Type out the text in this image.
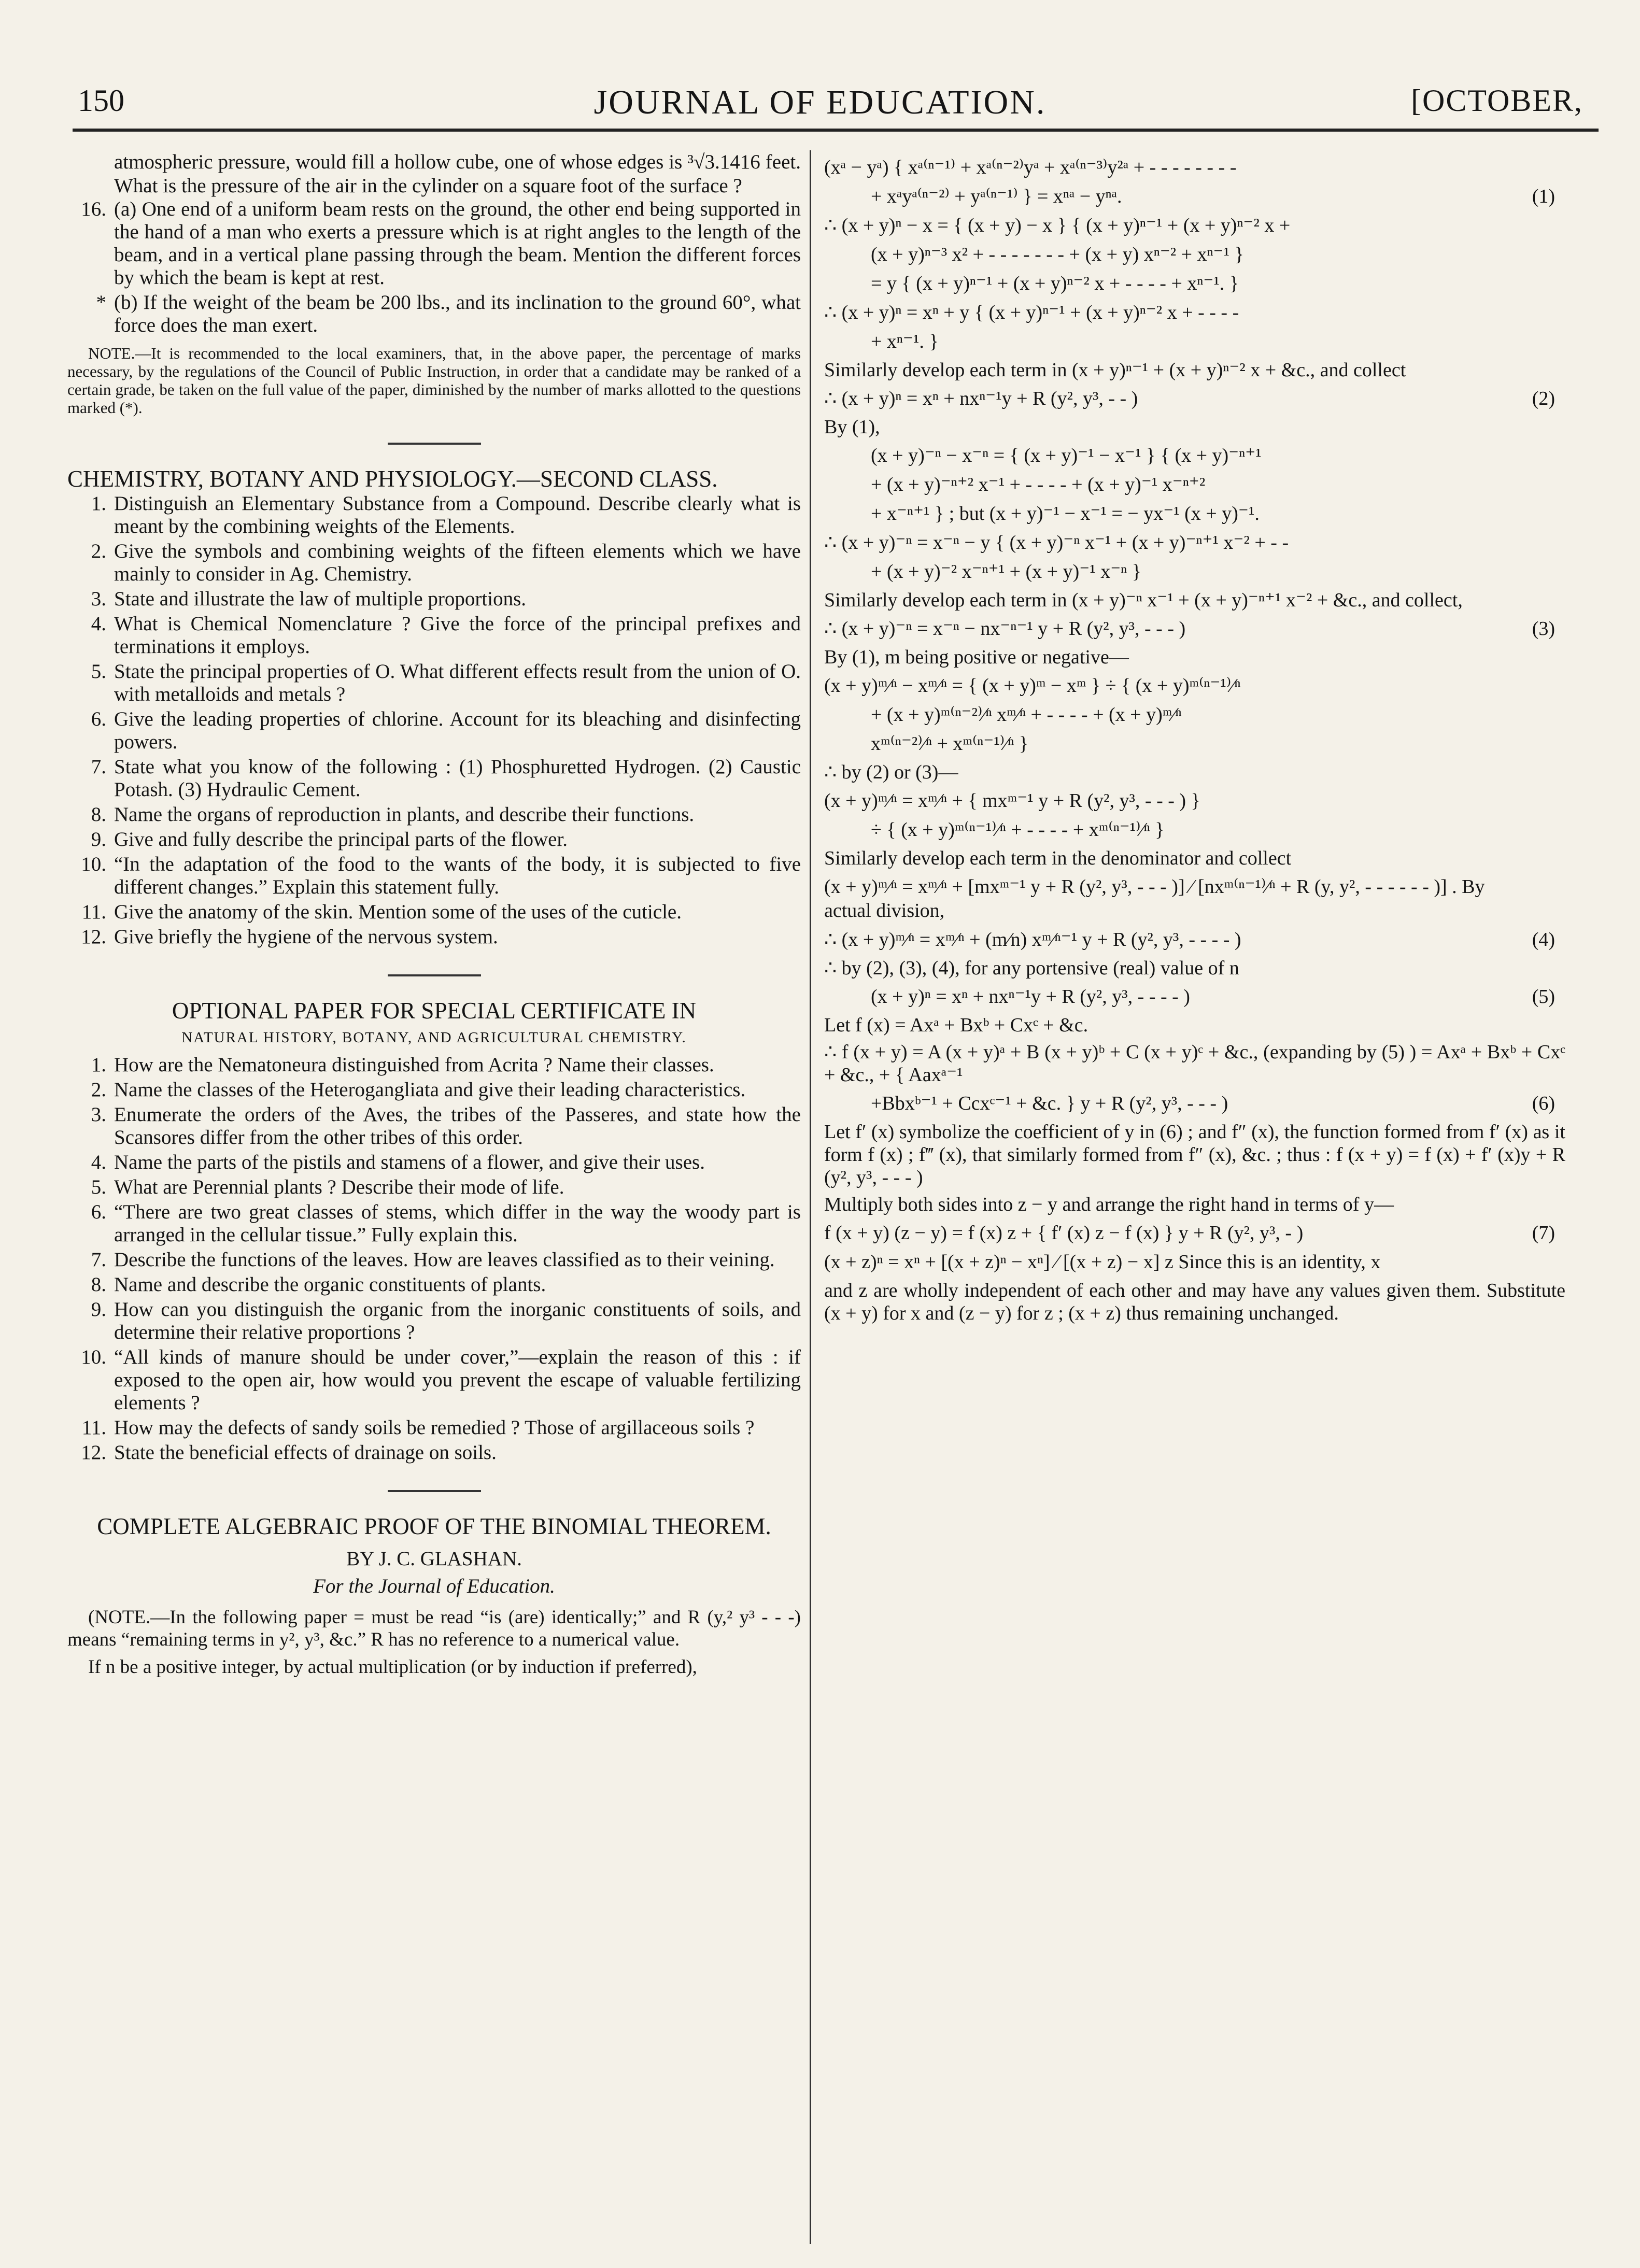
150	JOURNAL OF EDUCATION.	[OCTOBER,

atmospheric pressure, would fill a hollow cube, one of whose edges is ³√3.1416 feet. What is the pressure of the air in the cylinder on a square foot of the surface ?

16. (a) One end of a uniform beam rests on the ground, the other end being supported in the hand of a man who exerts a pressure which is at right angles to the length of the beam, and in a vertical plane passing through the beam. Mention the different forces by which the beam is kept at rest.
* (b) If the weight of the beam be 200 lbs., and its inclination to the ground 60°, what force does the man exert.

NOTE.—It is recommended to the local examiners, that, in the above paper, the percentage of marks necessary, by the regulations of the Council of Public Instruction, in order that a candidate may be ranked of a certain grade, be taken on the full value of the paper, diminished by the number of marks allotted to the questions marked (*).

CHEMISTRY, BOTANY AND PHYSIOLOGY.—SECOND CLASS.

1. Distinguish an Elementary Substance from a Compound. Describe clearly what is meant by the combining weights of the Elements.
2. Give the symbols and combining weights of the fifteen elements which we have mainly to consider in Ag. Chemistry.
3. State and illustrate the law of multiple proportions.
4. What is Chemical Nomenclature ? Give the force of the principal prefixes and terminations it employs.
5. State the principal properties of O. What different effects result from the union of O. with metalloids and metals ?
6. Give the leading properties of chlorine. Account for its bleaching and disinfecting powers.
7. State what you know of the following : (1) Phosphuretted Hydrogen. (2) Caustic Potash. (3) Hydraulic Cement.
8. Name the organs of reproduction in plants, and describe their functions.
9. Give and fully describe the principal parts of the flower.
10. “In the adaptation of the food to the wants of the body, it is subjected to five different changes.” Explain this statement fully.
11. Give the anatomy of the skin. Mention some of the uses of the cuticle.
12. Give briefly the hygiene of the nervous system.

OPTIONAL PAPER FOR SPECIAL CERTIFICATE IN

NATURAL HISTORY, BOTANY, AND AGRICULTURAL CHEMISTRY.

1. How are the Nematoneura distinguished from Acrita ? Name their classes.
2. Name the classes of the Heterogangliata and give their leading characteristics.
3. Enumerate the orders of the Aves, the tribes of the Passeres, and state how the Scansores differ from the other tribes of this order.
4. Name the parts of the pistils and stamens of a flower, and give their uses.
5. What are Perennial plants ? Describe their mode of life.
6. “There are two great classes of stems, which differ in the way the woody part is arranged in the cellular tissue.” Fully explain this.
7. Describe the functions of the leaves. How are leaves classified as to their veining.
8. Name and describe the organic constituents of plants.
9. How can you distinguish the organic from the inorganic constituents of soils, and determine their relative proportions ?
10. “All kinds of manure should be under cover,”—explain the reason of this : if exposed to the open air, how would you prevent the escape of valuable fertilizing elements ?
11. How may the defects of sandy soils be remedied ? Those of argillaceous soils ?
12. State the beneficial effects of drainage on soils.

COMPLETE ALGEBRAIC PROOF OF THE BINOMIAL THEOREM.

BY J. C. GLASHAN.

For the Journal of Education.

(NOTE.—In the following paper = must be read “is (are) identically;” and R (y,² y³ - - -) means “remaining terms in y², y³, &c.” R has no reference to a numerical value.

If n be a positive integer, by actual multiplication (or by induction if preferred),

(xᵃ − yᵃ) { xᵃ⁽ⁿ⁻¹⁾ + xᵃ⁽ⁿ⁻²⁾yᵃ + xᵃ⁽ⁿ⁻³⁾y²ᵃ + - - - - - - - -
+ xᵃyᵃ⁽ⁿ⁻²⁾ + yᵃ⁽ⁿ⁻¹⁾ } = xⁿᵃ − yⁿᵃ.	(1)
∴ (x + y)ⁿ − x = { (x + y) − x } { (x + y)ⁿ⁻¹ + (x + y)ⁿ⁻² x +
(x + y)ⁿ⁻³ x² + - - - - - - - + (x + y) xⁿ⁻² + xⁿ⁻¹ }
= y { (x + y)ⁿ⁻¹ + (x + y)ⁿ⁻² x + - - - - + xⁿ⁻¹. }
∴ (x + y)ⁿ = xⁿ + y { (x + y)ⁿ⁻¹ + (x + y)ⁿ⁻² x + - - - -
+ xⁿ⁻¹. }
Similarly develop each term in (x + y)ⁿ⁻¹ + (x + y)ⁿ⁻² x + &c., and collect
∴ (x + y)ⁿ = xⁿ + nxⁿ⁻¹y + R (y², y³, - - )	(2)
By (1),
(x + y)⁻ⁿ − x⁻ⁿ = { (x + y)⁻¹ − x⁻¹ } { (x + y)⁻ⁿ⁺¹
+ (x + y)⁻ⁿ⁺² x⁻¹ + - - - - + (x + y)⁻¹ x⁻ⁿ⁺²
+ x⁻ⁿ⁺¹ } ; but (x + y)⁻¹ − x⁻¹ = − yx⁻¹ (x + y)⁻¹.
∴ (x + y)⁻ⁿ = x⁻ⁿ − y { (x + y)⁻ⁿ x⁻¹ + (x + y)⁻ⁿ⁺¹ x⁻² + - -
+ (x + y)⁻² x⁻ⁿ⁺¹ + (x + y)⁻¹ x⁻ⁿ }
Similarly develop each term in (x + y)⁻ⁿ x⁻¹ + (x + y)⁻ⁿ⁺¹ x⁻² + &c., and collect,
∴ (x + y)⁻ⁿ = x⁻ⁿ − nx⁻ⁿ⁻¹ y + R (y², y³, - - - )	(3)
By (1), m being positive or negative—
(x + y)ᵐ⁄ⁿ − xᵐ⁄ⁿ = { (x + y)ᵐ − xᵐ } ÷ { (x + y)ᵐ⁽ⁿ⁻¹⁾⁄ⁿ
+ (x + y)ᵐ⁽ⁿ⁻²⁾⁄ⁿ xᵐ⁄ⁿ + - - - - + (x + y)ᵐ⁄ⁿ
xᵐ⁽ⁿ⁻²⁾⁄ⁿ + xᵐ⁽ⁿ⁻¹⁾⁄ⁿ }
∴ by (2) or (3)—
(x + y)ᵐ⁄ⁿ = xᵐ⁄ⁿ + { mxᵐ⁻¹ y + R (y², y³, - - - ) }
÷ { (x + y)ᵐ⁽ⁿ⁻¹⁾⁄ⁿ + - - - - + xᵐ⁽ⁿ⁻¹⁾⁄ⁿ }
Similarly develop each term in the denominator and collect
(x + y)ᵐ⁄ⁿ = xᵐ⁄ⁿ + [mxᵐ⁻¹ y + R (y², y³, - - - )] ⁄ [nxᵐ⁽ⁿ⁻¹⁾⁄ⁿ + R (y, y², - - - - - - )] . By actual division,
∴ (x + y)ᵐ⁄ⁿ = xᵐ⁄ⁿ + (m⁄n) xᵐ⁄ⁿ⁻¹ y + R (y², y³, - - - - )	(4)
∴ by (2), (3), (4), for any portensive (real) value of n
(x + y)ⁿ = xⁿ + nxⁿ⁻¹y + R (y², y³, - - - - )	(5)
Let f (x) = Axᵃ + Bxᵇ + Cxᶜ + &c.
∴ f (x + y) = A (x + y)ᵃ + B (x + y)ᵇ + C (x + y)ᶜ + &c., (expanding by (5) ) = Axᵃ + Bxᵇ + Cxᶜ + &c., + { Aaxᵃ⁻¹
+Bbxᵇ⁻¹ + Ccxᶜ⁻¹ + &c. } y + R (y², y³, - - - )	(6)
Let f′ (x) symbolize the coefficient of y in (6) ; and f″ (x), the function formed from f′ (x) as it form f (x) ; f‴ (x), that similarly formed from f″ (x), &c. ; thus : f (x + y) = f (x) + f′ (x)y + R (y², y³, - - - )
Multiply both sides into z − y and arrange the right hand in terms of y—
f (x + y) (z − y) = f (x) z + { f′ (x) z − f (x) } y + R (y², y³, - )	(7)
(x + z)ⁿ = xⁿ + [(x + z)ⁿ − xⁿ] ⁄ [(x + z) − x] z Since this is an identity, x
and z are wholly independent of each other and may have any values given them. Substitute (x + y) for x and (z − y) for z ; (x + z) thus remaining unchanged.
